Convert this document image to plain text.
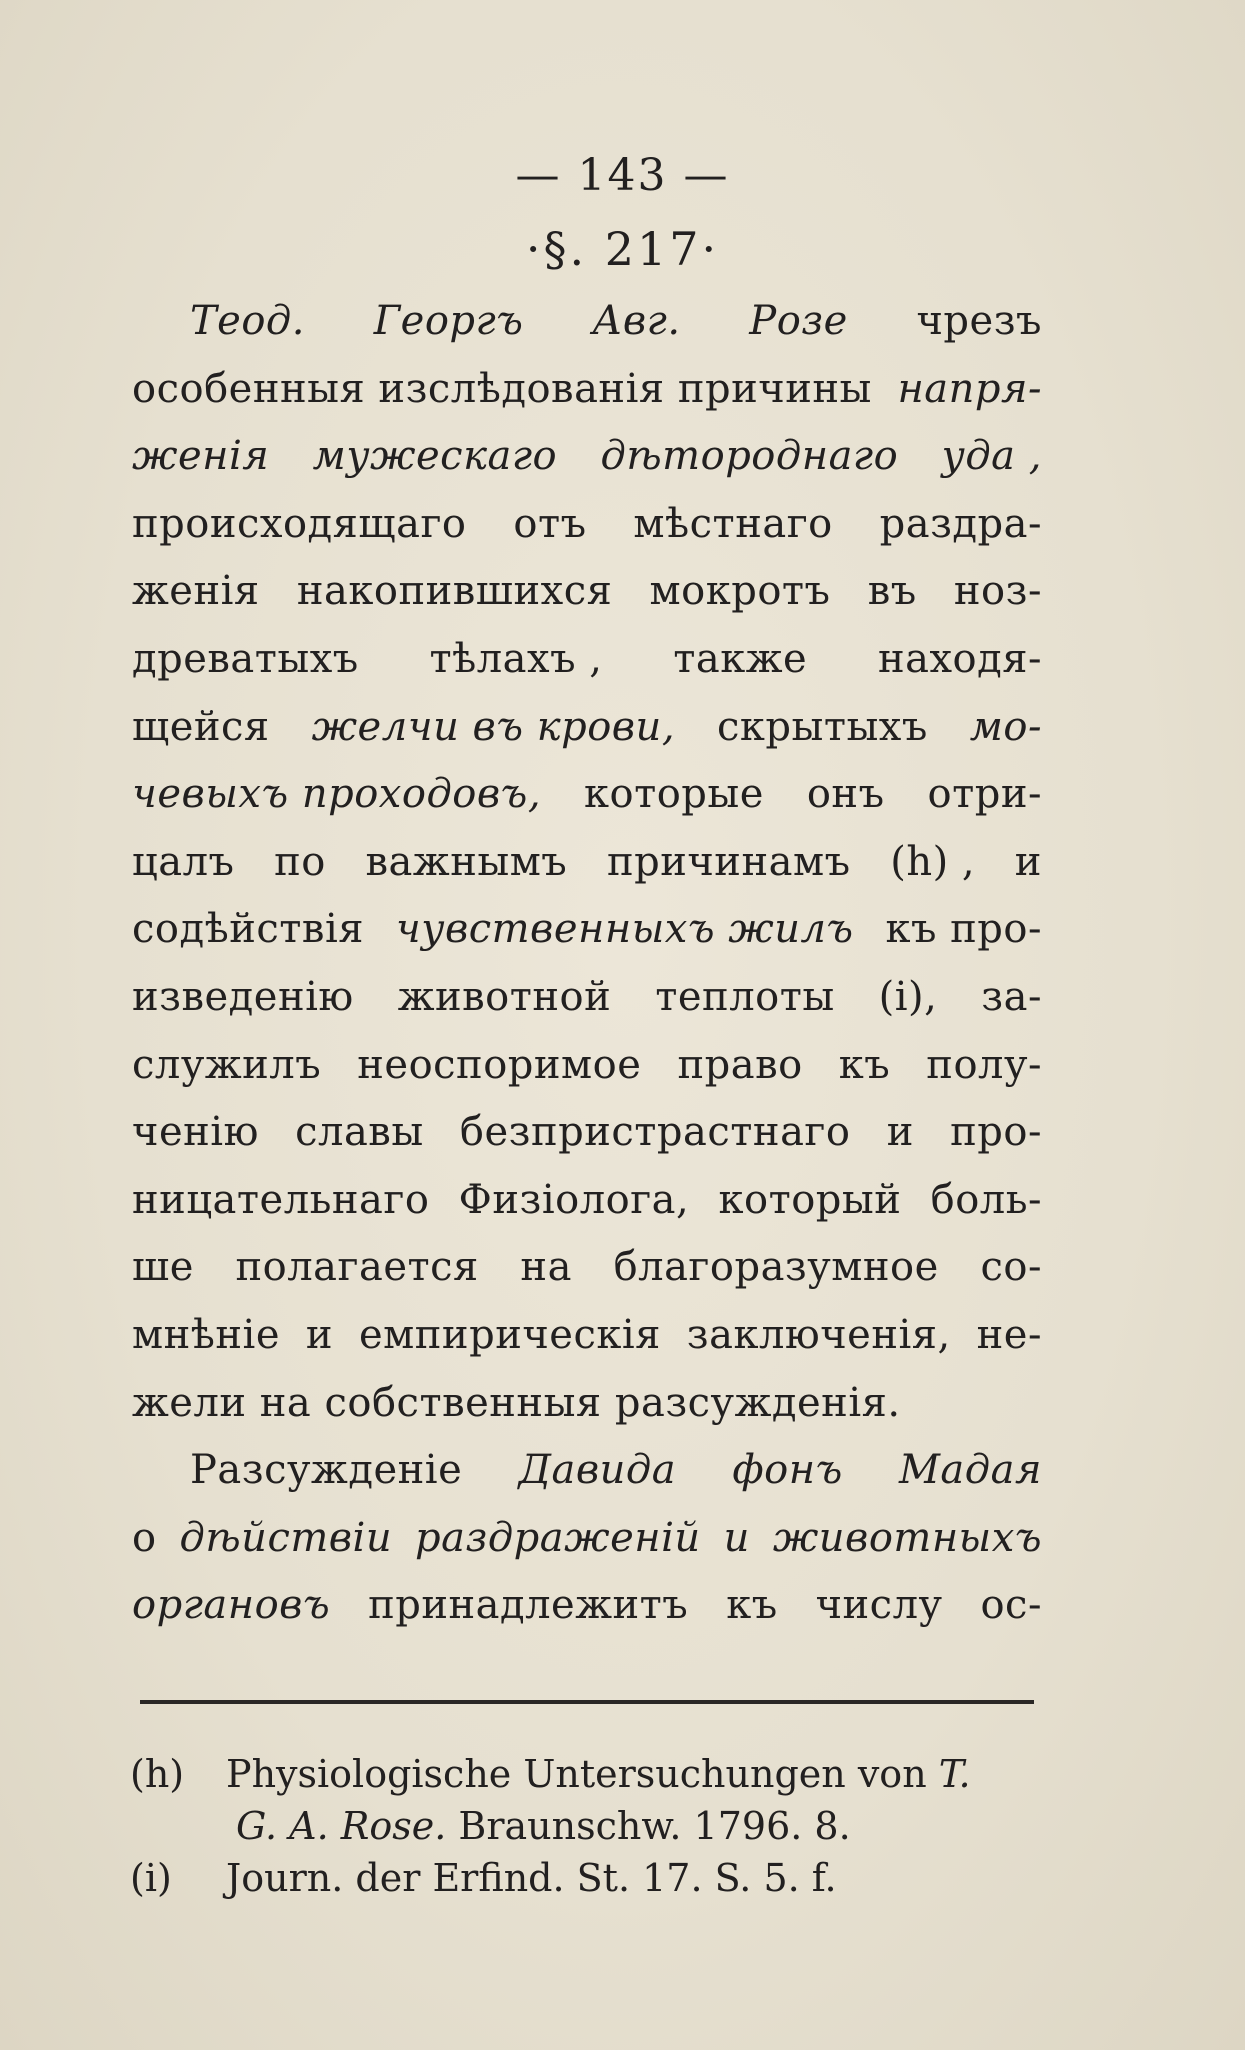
— 143 —
·§. 217·
Теод. Георгъ Авг. Розе чрезъ
особенныя изслѣдованія причины напря-
женія мужескаго дѣтороднаго уда ,
происходящаго отъ мѣстнаго раздра-
женія накопившихся мокротъ въ ноз-
древатыхъ тѣлахъ , также находя-
щейся желчи въ крови, скрытыхъ мо-
чевыхъ проходовъ, которые онъ отри-
цалъ по важнымъ причинамъ (h) , и
содѣйствія чувственныхъ жилъ къ про-
изведенію животной теплоты (i), за-
служилъ неоспоримое право къ полу-
ченію славы безпристрастнаго и про-
ницательнаго Физіолога, который боль-
ше полагается на благоразумное со-
мнѣніе и емпирическія заключенія, не-
жели на собственныя разсужденія.
Разсужденіе Давида фонъ Мадая
о дѣйствіи раздраженій и животныхъ
органовъ принадлежитъ къ числу ос-
(h) Physiologische Untersuchungen von T.
G. A. Rose. Braunschw. 1796. 8.
(i) Journ. der Erfind. St. 17. S. 5. f.
